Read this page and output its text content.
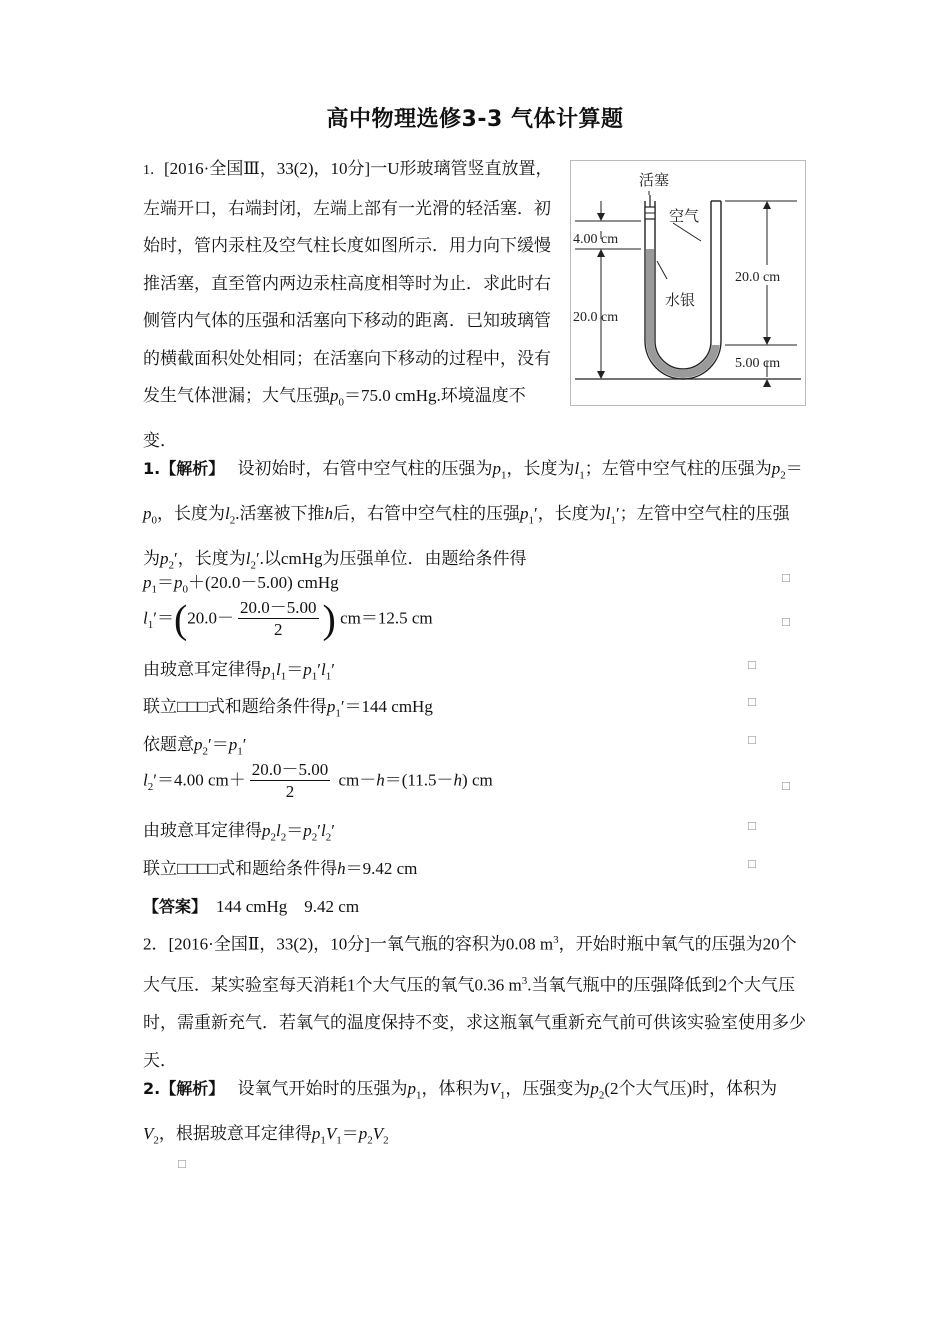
高中物理选修3-3 气体计算题
1．[2016·全国Ⅲ，33(2)，10分]一U形玻璃管竖直放置，左端开口，右端封闭，左端上部有一光滑的轻活塞．初始时，管内汞柱及空气柱长度如图所示．用力向下缓慢推活塞，直至管内两边汞柱高度相等时为止．求此时右侧管内气体的压强和活塞向下移动的距离．已知玻璃管的横截面积处处相同；在活塞向下移动的过程中，没有发生气体泄漏；大气压强$p_0=75.0$ cmHg.环境温度不变．
活塞
空气
水银
4.00 cm
20.0 cm
20.0 cm
5.00 cm
1.【解析】　 设初始时，右管中空气柱的压强为$p_1$，长度为$l_1$；左管中空气柱的压强为$p_2=p_0$，长度为$l_2$.活塞被下推h后，右管中空气柱的压强$p_1'$，长度为$l_1'$；左管中空气柱的压强为$p_2'$，长度为$l_2'$.以cmHg为压强单位．由题给条件得
$p_1=p_0+(20.0-5.00)$ cmHg	□
$l_1'=(20.0- \frac{20.0-5.00}{2}$ ) cm＝12.5 cm	□
由玻意耳定律得$p_1l_1=p_1'l_1'$	□
联立□□□式和题给条件得$p_1'=144$ cmHg	□
依题意$p_2'=p_1'$	□
$l_2'=4.00$ $cm+ \frac{20.0-5.00}{2} cm-h=(11.5-h)$ cm	□
由玻意耳定律得$p_2l_2=p_2'l_2'$	□
联立□□□□式和题给条件得h＝9.42 cm	□
【答案】　 144 cmHg    9.42 cm
2．[2016·全国Ⅱ，33(2)，10分]一氧气瓶的容积为0.08 $m^3$，开始时瓶中氧气的压强为20个大气压．某实验室每天消耗1个大气压的氧气0.36 $m^3$.当氧气瓶中的压强降低到2个大气压时，需重新充气．若氧气的温度保持不变，求这瓶氧气重新充气前可供该实验室使用多少天．
2.【解析】　 设氧气开始时的压强为$p_1$，体积为$V_1$，压强变为$p_2(2$个大气压)时，体积为$V_2$，根据玻意耳定律得$p_1V_1=p_2V_2$
□
